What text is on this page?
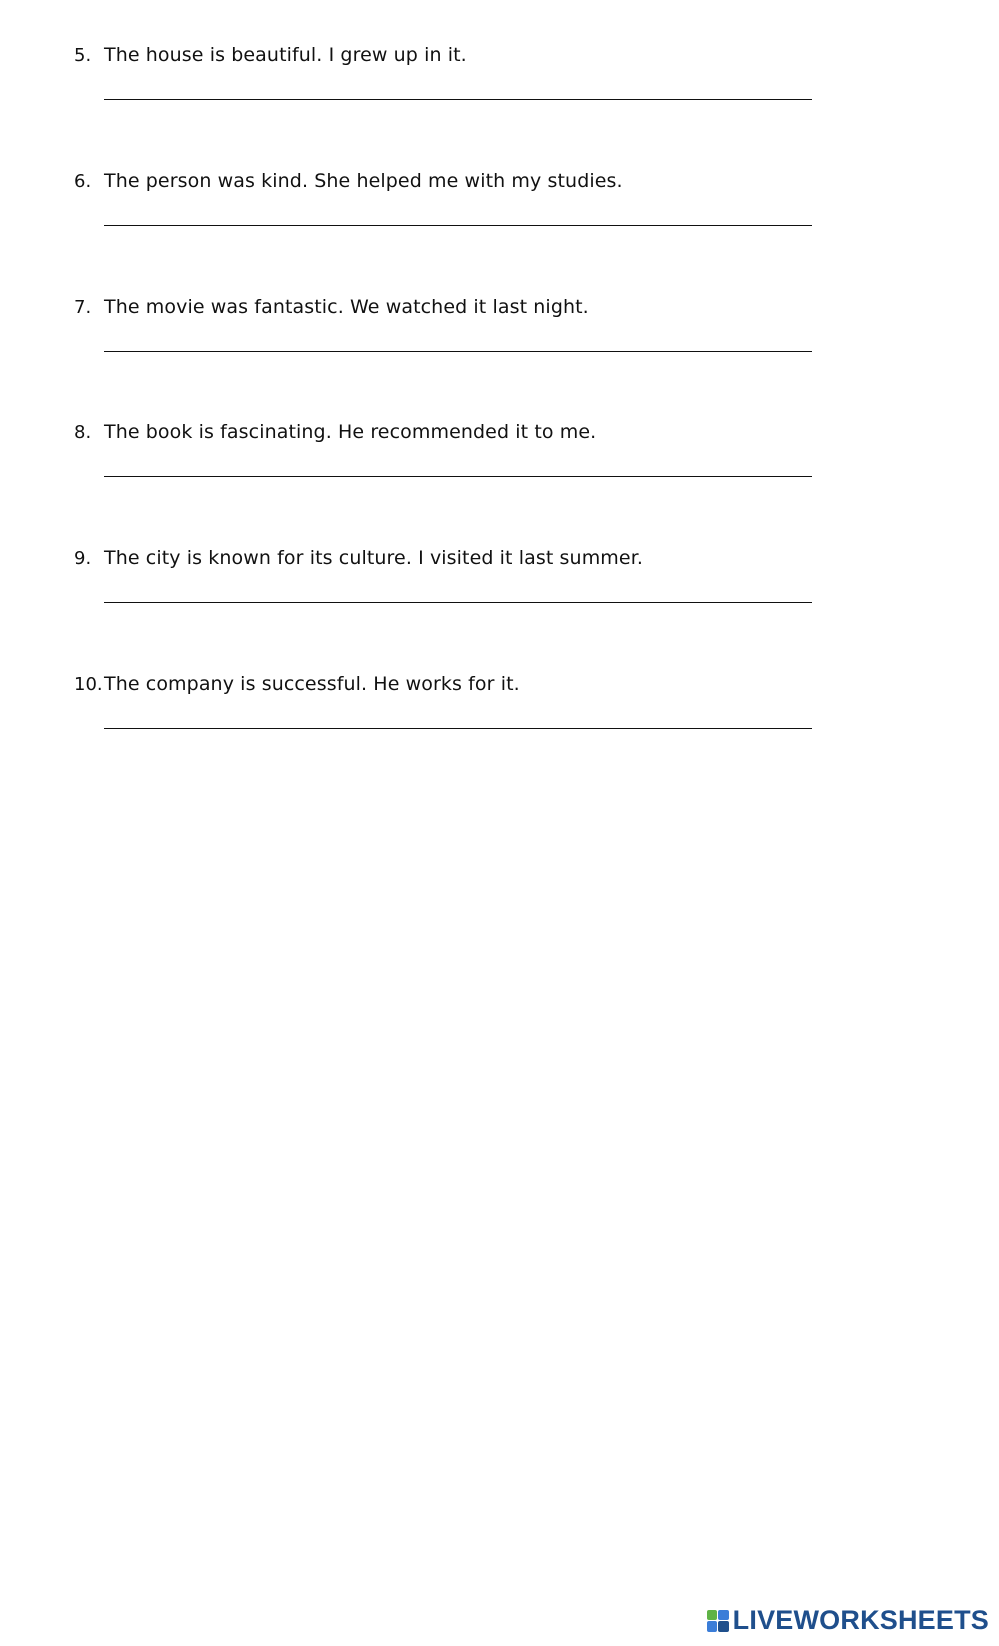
5. The house is beautiful. I grew up in it.
6. The person was kind. She helped me with my studies.
7. The movie was fantastic. We watched it last night.
8. The book is fascinating. He recommended it to me.
9. The city is known for its culture. I visited it last summer.
10. The company is successful. He works for it.
LIVEWORKSHEETS
